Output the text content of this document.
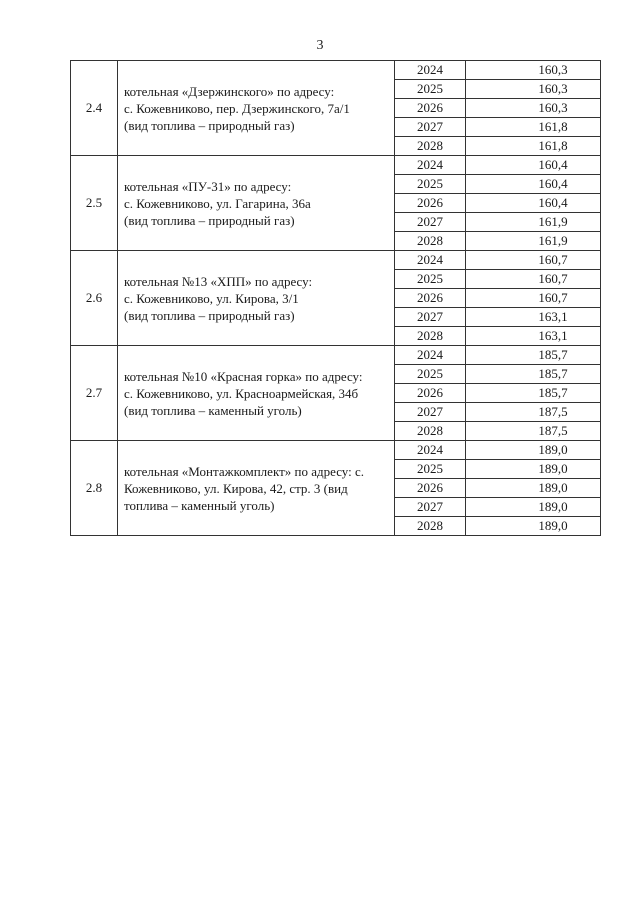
3
2.4	котельная «Дзержинского» по адресу:
с. Кожевниково, пер. Дзержинского, 7а/1
(вид топлива – природный газ)	2024	160,3
		2025	160,3
		2026	160,3
		2027	161,8
		2028	161,8
2.5	котельная «ПУ-31» по адресу:
с. Кожевниково, ул. Гагарина, 36а
(вид топлива – природный газ)	2024	160,4
		2025	160,4
		2026	160,4
		2027	161,9
		2028	161,9
2.6	котельная №13 «ХПП» по адресу:
с. Кожевниково, ул. Кирова, 3/1
(вид топлива – природный газ)	2024	160,7
		2025	160,7
		2026	160,7
		2027	163,1
		2028	163,1
2.7	котельная №10 «Красная горка» по адресу:
с. Кожевниково, ул. Красноармейская, 34б
(вид топлива – каменный уголь)	2024	185,7
		2025	185,7
		2026	185,7
		2027	187,5
		2028	187,5
2.8	котельная «Монтажкомплект» по адресу: с.
Кожевниково, ул. Кирова, 42, стр. 3 (вид
топлива – каменный уголь)	2024	189,0
		2025	189,0
		2026	189,0
		2027	189,0
		2028	189,0
